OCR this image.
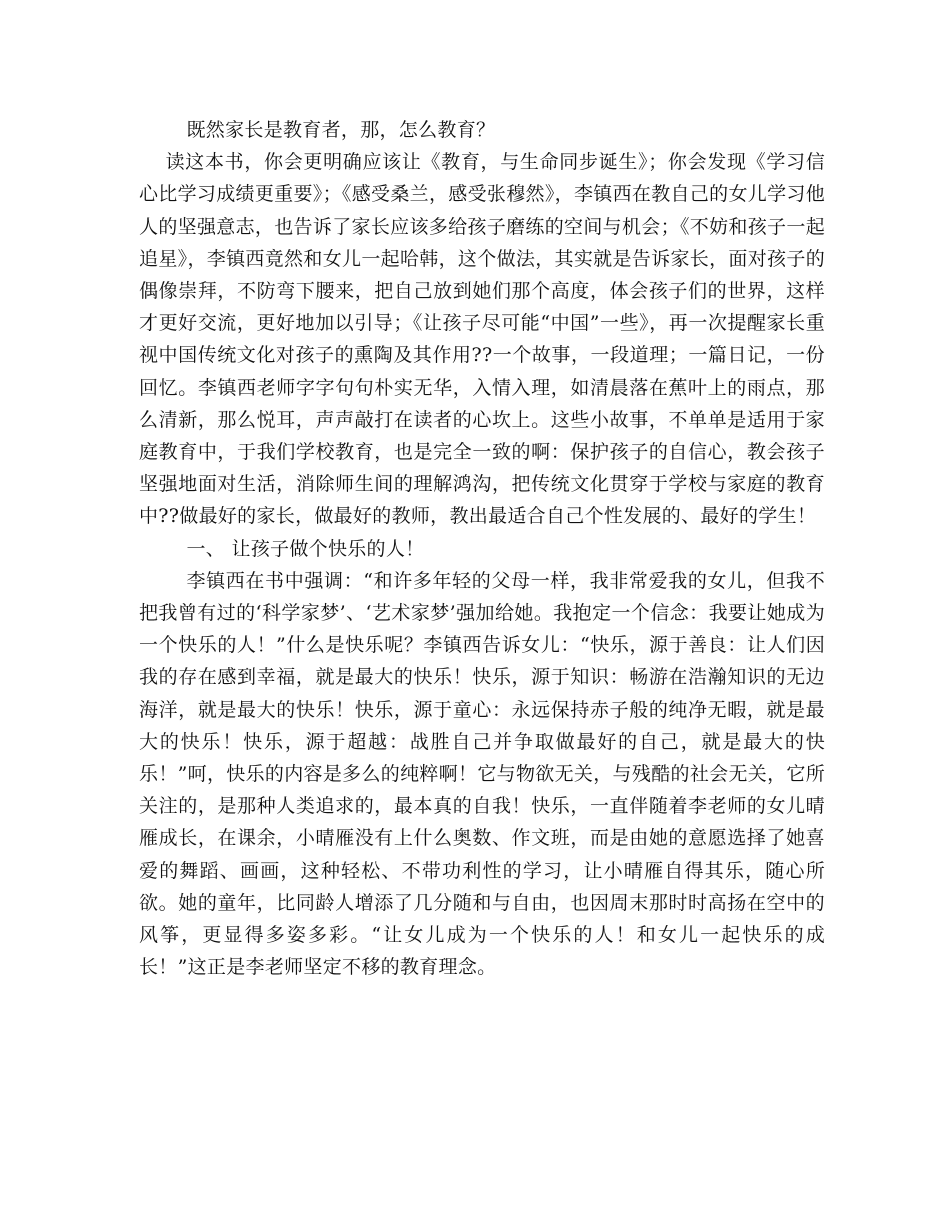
既然家长是教育者，那，怎么教育？

读这本书，你会更明确应该让《教育，与生命同步诞生》；你会发现《学习信心比学习成绩更重要》；《感受桑兰，感受张穆然》，李镇西在教自己的女儿学习他人的坚强意志，也告诉了家长应该多给孩子磨练的空间与机会；《不妨和孩子一起追星》，李镇西竟然和女儿一起哈韩，这个做法，其实就是告诉家长，面对孩子的偶像崇拜，不防弯下腰来，把自己放到她们那个高度，体会孩子们的世界，这样才更好交流，更好地加以引导；《让孩子尽可能“中国”一些》，再一次提醒家长重视中国传统文化对孩子的熏陶及其作用??一个故事，一段道理；一篇日记，一份回忆。李镇西老师字字句句朴实无华，入情入理，如清晨落在蕉叶上的雨点，那么清新，那么悦耳，声声敲打在读者的心坎上。这些小故事，不单单是适用于家庭教育中，于我们学校教育，也是完全一致的啊：保护孩子的自信心，教会孩子坚强地面对生活，消除师生间的理解鸿沟，把传统文化贯穿于学校与家庭的教育中??做最好的家长，做最好的教师，教出最适合自己个性发展的、最好的学生！

一、 让孩子做个快乐的人！

李镇西在书中强调：“和许多年轻的父母一样，我非常爱我的女儿，但我不把我曾有过的‘科学家梦’、‘艺术家梦’强加给她。我抱定一个信念：我要让她成为一个快乐的人！”什么是快乐呢？李镇西告诉女儿：“快乐，源于善良：让人们因我的存在感到幸福，就是最大的快乐！快乐，源于知识：畅游在浩瀚知识的无边海洋，就是最大的快乐！快乐，源于童心：永远保持赤子般的纯净无暇，就是最大的快乐！快乐，源于超越：战胜自己并争取做最好的自己，就是最大的快乐！”呵，快乐的内容是多么的纯粹啊！它与物欲无关，与残酷的社会无关，它所关注的，是那种人类追求的，最本真的自我！快乐，一直伴随着李老师的女儿晴雁成长，在课余，小晴雁没有上什么奥数、作文班，而是由她的意愿选择了她喜爱的舞蹈、画画，这种轻松、不带功利性的学习，让小晴雁自得其乐，随心所欲。她的童年，比同龄人增添了几分随和与自由，也因周末那时时高扬在空中的风筝，更显得多姿多彩。“让女儿成为一个快乐的人！和女儿一起快乐的成长！”这正是李老师坚定不移的教育理念。
